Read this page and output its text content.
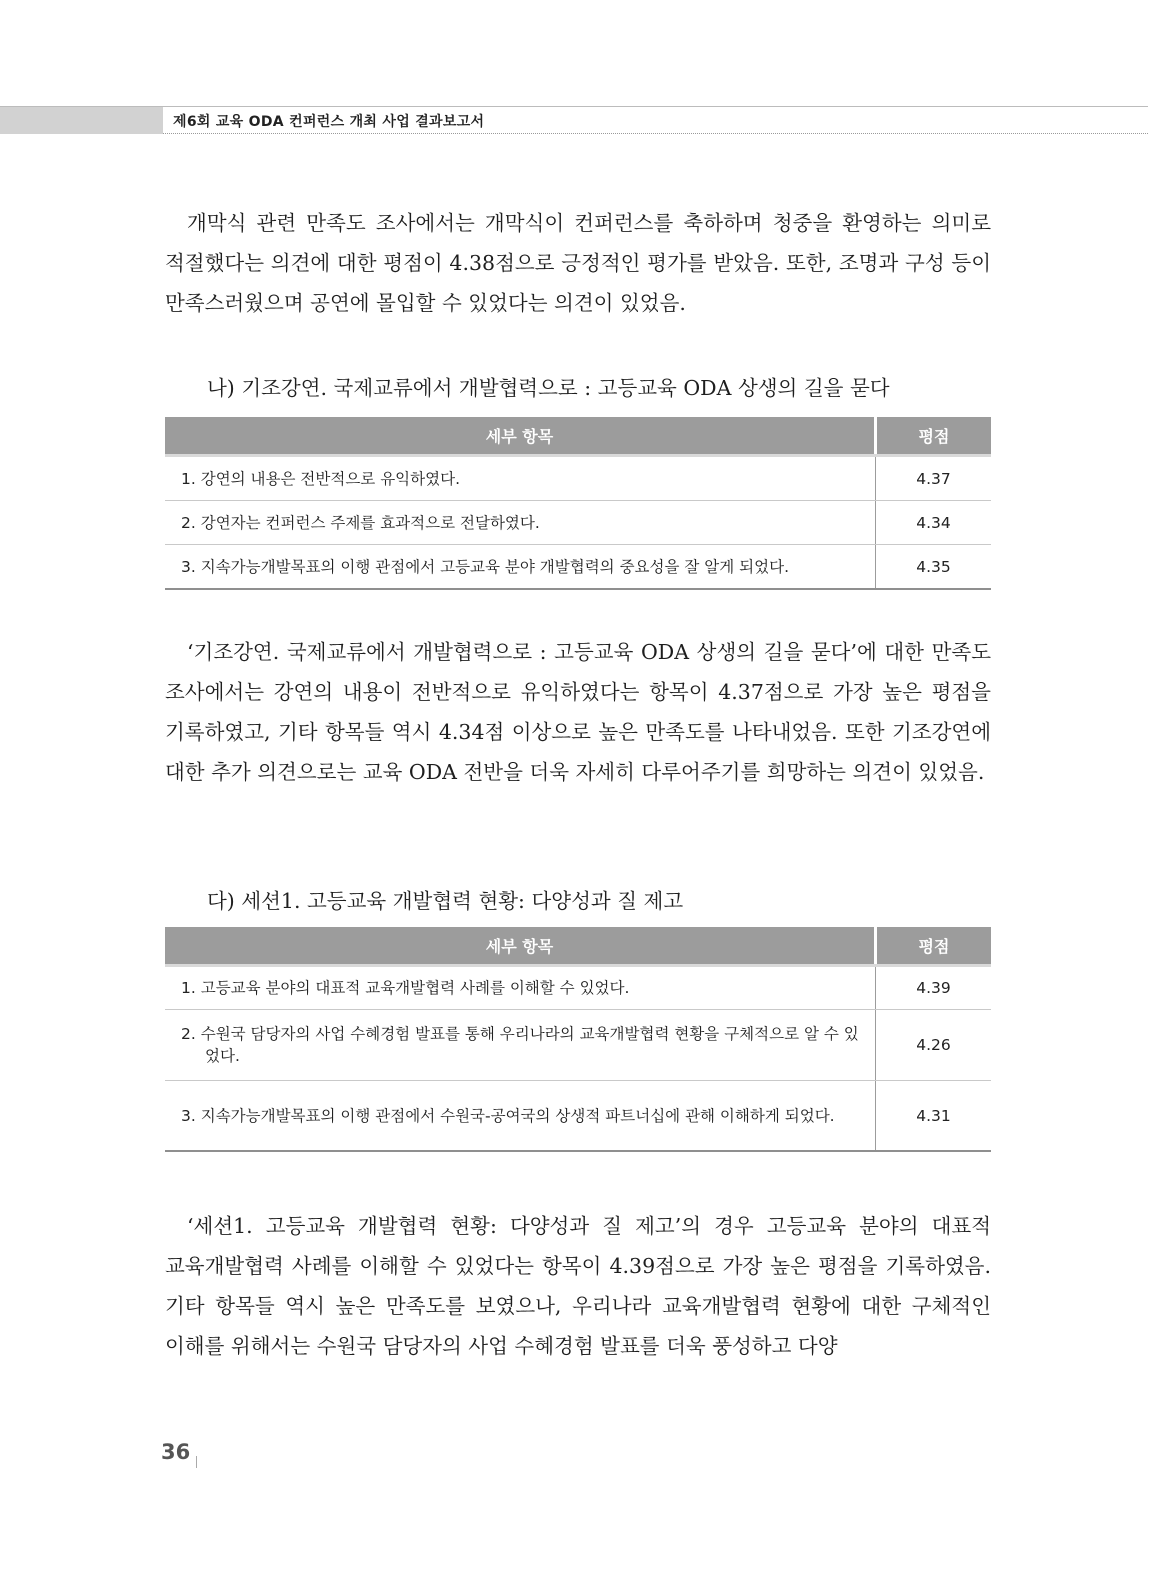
제6회 교육 ODA 컨퍼런스 개최 사업 결과보고서

개막식 관련 만족도 조사에서는 개막식이 컨퍼런스를 축하하며 청중을 환영하는 의미로 적절했다는 의견에 대한 평점이 4.38점으로 긍정적인 평가를 받았음. 또한, 조명과 구성 등이 만족스러웠으며 공연에 몰입할 수 있었다는 의견이 있었음.

나) 기조강연. 국제교류에서 개발협력으로 : 고등교육 ODA 상생의 길을 묻다

세부 항목	평점
1. 강연의 내용은 전반적으로 유익하였다.	4.37
2. 강연자는 컨퍼런스 주제를 효과적으로 전달하였다.	4.34
3. 지속가능개발목표의 이행 관점에서 고등교육 분야 개발협력의 중요성을 잘 알게 되었다.	4.35

‘기조강연. 국제교류에서 개발협력으로 : 고등교육 ODA 상생의 길을 묻다’에 대한 만족도 조사에서는 강연의 내용이 전반적으로 유익하였다는 항목이 4.37점으로 가장 높은 평점을 기록하였고, 기타 항목들 역시 4.34점 이상으로 높은 만족도를 나타내었음. 또한 기조강연에 대한 추가 의견으로는 교육 ODA 전반을 더욱 자세히 다루어주기를 희망하는 의견이 있었음.

다) 세션1. 고등교육 개발협력 현황: 다양성과 질 제고

세부 항목	평점

1. 고등교육 분야의 대표적 교육개발협력 사례를 이해할 수 있었다.	4.39

2. 수원국 담당자의 사업 수혜경험 발표를 통해 우리나라의 교육개발협력 현황을 구체적으로 알 수 있었다.	4.26

3. 지속가능개발목표의 이행 관점에서 수원국-공여국의 상생적 파트너십에 관해 이해하게 되었다.	4.31

‘세션1. 고등교육 개발협력 현황: 다양성과 질 제고’의 경우 고등교육 분야의 대표적 교육개발협력 사례를 이해할 수 있었다는 항목이 4.39점으로 가장 높은 평점을 기록하였음. 기타 항목들 역시 높은 만족도를 보였으나, 우리나라 교육개발협력 현황에 대한 구체적인 이해를 위해서는 수원국 담당자의 사업 수혜경험 발표를 더욱 풍성하고 다양

36
